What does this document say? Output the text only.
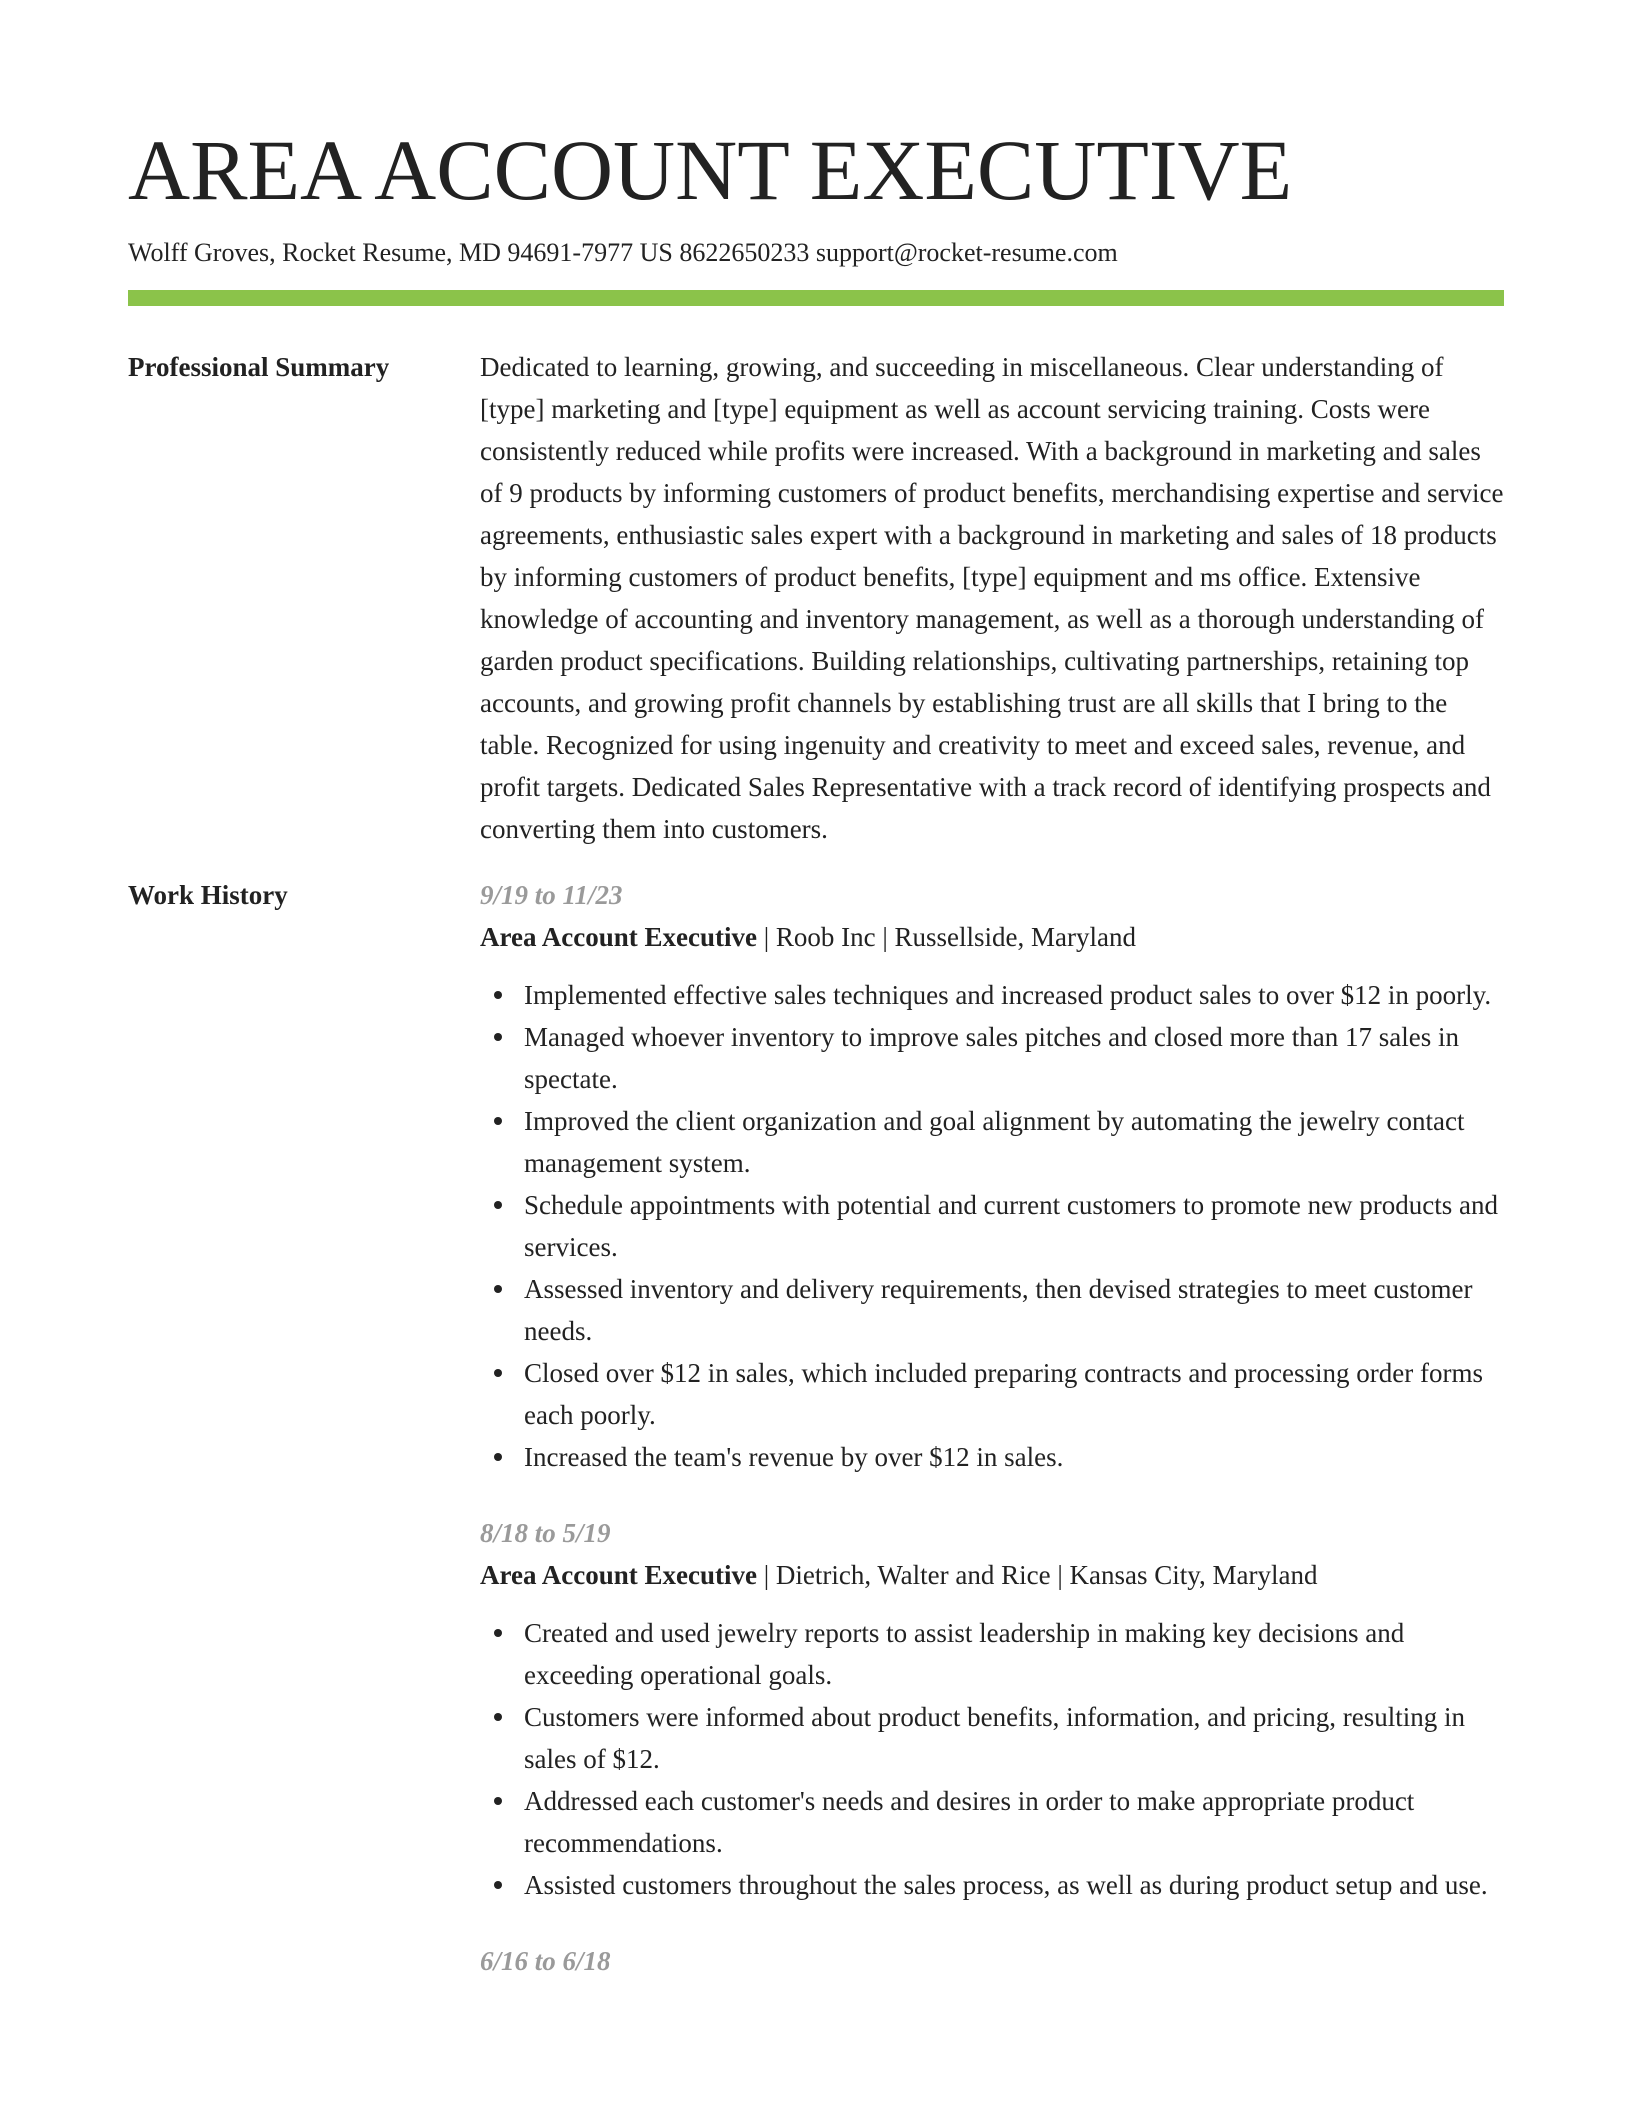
AREA ACCOUNT EXECUTIVE
Wolff Groves, Rocket Resume, MD 94691-7977 US 8622650233 support@rocket-resume.com
Professional Summary	Dedicated to learning, growing, and succeeding in miscellaneous. Clear understanding of [type] marketing and [type] equipment as well as account servicing training. Costs were consistently reduced while profits were increased. With a background in marketing and sales of 9 products by informing customers of product benefits, merchandising expertise and service agreements, enthusiastic sales expert with a background in marketing and sales of 18 products by informing customers of product benefits, [type] equipment and ms office. Extensive knowledge of accounting and inventory management, as well as a thorough understanding of garden product specifications. Building relationships, cultivating partnerships, retaining top accounts, and growing profit channels by establishing trust are all skills that I bring to the table. Recognized for using ingenuity and creativity to meet and exceed sales, revenue, and profit targets. Dedicated Sales Representative with a track record of identifying prospects and converting them into customers.

Work History	9/19 to 11/23
Area Account Executive | Roob Inc | Russellside, Maryland
Implemented effective sales techniques and increased product sales to over $12 in poorly.
Managed whoever inventory to improve sales pitches and closed more than 17 sales in spectate.
Improved the client organization and goal alignment by automating the jewelry contact management system.
Schedule appointments with potential and current customers to promote new products and services.
Assessed inventory and delivery requirements, then devised strategies to meet customer needs.
Closed over $12 in sales, which included preparing contracts and processing order forms each poorly.
Increased the team's revenue by over $12 in sales.
8/18 to 5/19
Area Account Executive | Dietrich, Walter and Rice | Kansas City, Maryland
Created and used jewelry reports to assist leadership in making key decisions and exceeding operational goals.
Customers were informed about product benefits, information, and pricing, resulting in sales of $12.
Addressed each customer's needs and desires in order to make appropriate product recommendations.
Assisted customers throughout the sales process, as well as during product setup and use.
6/16 to 6/18
